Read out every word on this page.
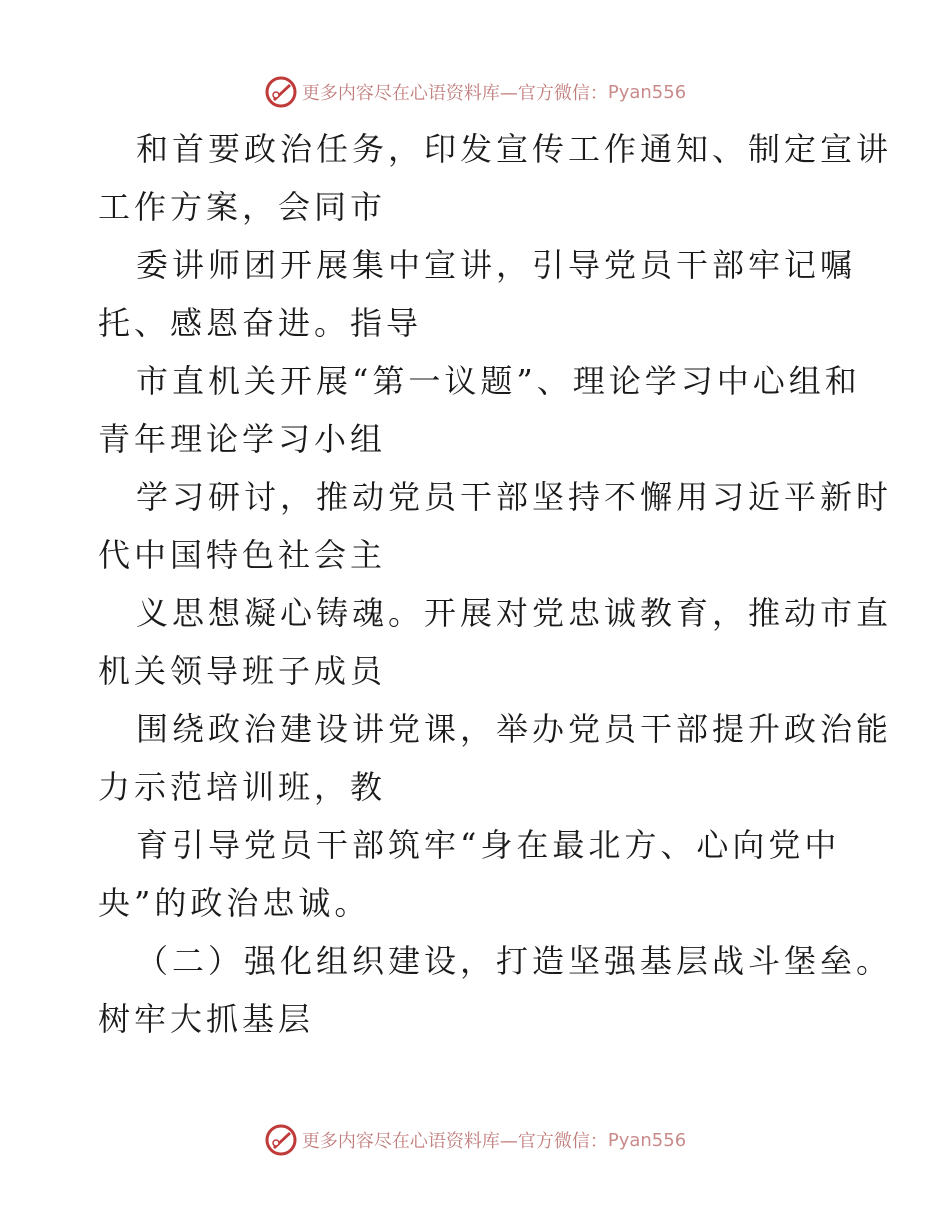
更多内容尽在心语资料库—官方微信： Pyan556
和首要政治任务，印发宣传工作通知、制定宣讲
工作方案，会同市
委讲师团开展集中宣讲，引导党员干部牢记嘱
托、感恩奋进。指导
市直机关开展“第一议题”、理论学习中心组和
青年理论学习小组
学习研讨，推动党员干部坚持不懈用习近平新时
代中国特色社会主
义思想凝心铸魂。开展对党忠诚教育，推动市直
机关领导班子成员
围绕政治建设讲党课，举办党员干部提升政治能
力示范培训班，教
育引导党员干部筑牢“身在最北方、心向党中
央”的政治忠诚。
（二）强化组织建设，打造坚强基层战斗堡垒。
树牢大抓基层
更多内容尽在心语资料库—官方微信： Pyan556
